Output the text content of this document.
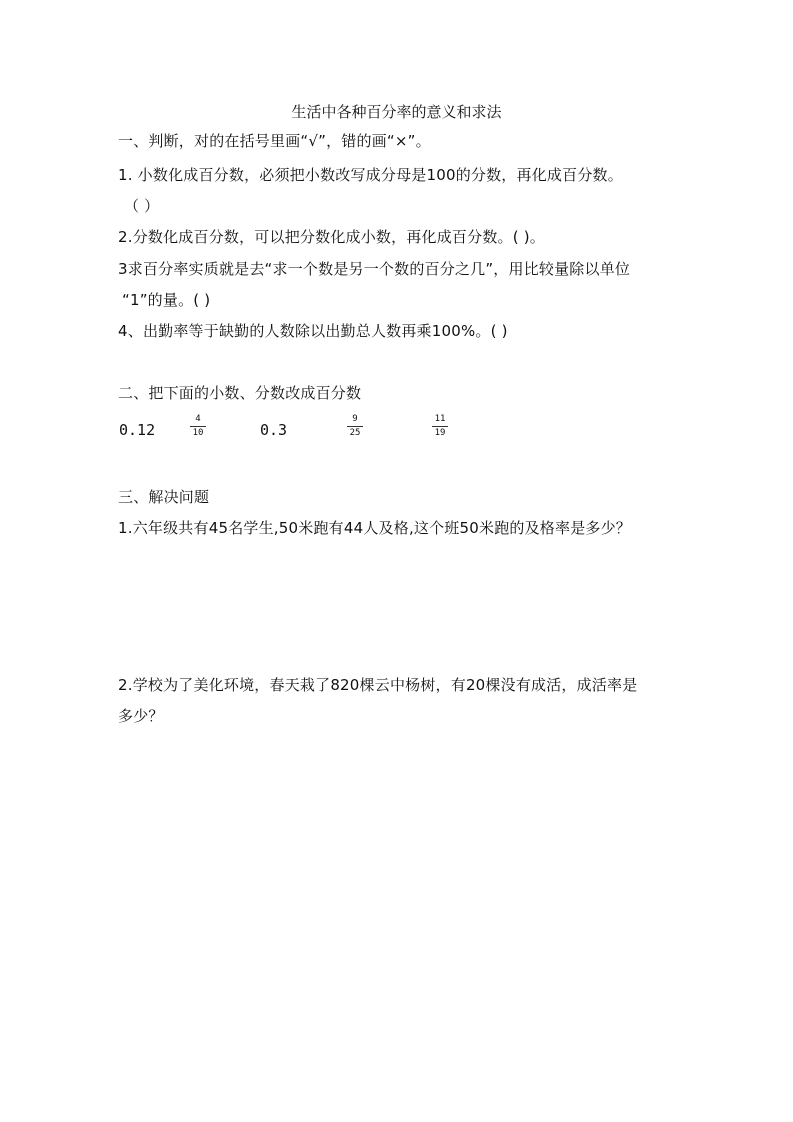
生活中各种百分率的意义和求法
一、判断，对的在括号里画“√”，错的画“×”。
1. 小数化成百分数，必须把小数改写成分母是100的分数，再化成百分数。
（ ）
2.分数化成百分数，可以把分数化成小数，再化成百分数。( )。
3求百分率实质就是去“求一个数是另一个数的百分之几”，用比较量除以单位
“1”的量。( )
4、出勤率等于缺勤的人数除以出勤总人数再乘100%。( )
二、把下面的小数、分数改成百分数
0.12
4
10	0.3
9
25
11
19
三、解决问题
1.六年级共有45名学生,50米跑有44人及格,这个班50米跑的及格率是多少？
2.学校为了美化环境，春天栽了820棵云中杨树，有20棵没有成活，成活率是
多少？
